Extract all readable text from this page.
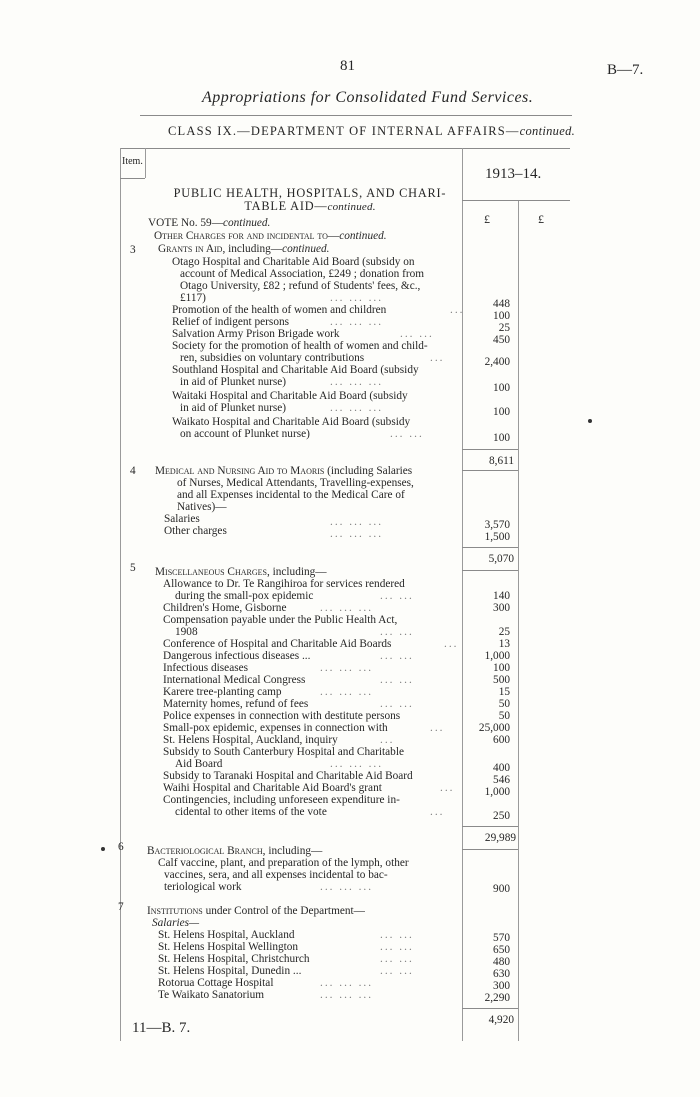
81	B—7.
Appropriations for Consolidated Fund Services.
CLASS IX.—DEPARTMENT OF INTERNAL AFFAIRS—continued.
Item.
1913–14.
£	£
PUBLIC HEALTH, HOSPITALS, AND CHARI-
TABLE AID—continued.
VOTE No. 59—continued.
Other Charges for and incidental to—continued.
3 Grants in Aid, including—continued.
Otago Hospital and Charitable Aid Board (subsidy on
account of Medical Association, £249 ; donation from
Otago University, £82 ; refund of Students' fees, &c.,
£117)	... ... ...	448
Promotion of the health of women and children	...	100
Relief of indigent persons	... ... ...	25
Salvation Army Prison Brigade work	... ...	450
Society for the promotion of health of women and child-
ren, subsidies on voluntary contributions	...	2,400
Southland Hospital and Charitable Aid Board (subsidy
in aid of Plunket nurse)	... ... ...	100
Waitaki Hospital and Charitable Aid Board (subsidy
in aid of Plunket nurse)	... ... ...	100
Waikato Hospital and Charitable Aid Board (subsidy
on account of Plunket nurse)	... ...	100
8,611
4 Medical and Nursing Aid to Maoris (including Salaries
of Nurses, Medical Attendants, Travelling-expenses,
and all Expenses incidental to the Medical Care of
Natives)—
Salaries	... ... ...	3,570
Other charges	... ... ...	1,500
5,070
5 Miscellaneous Charges, including—
Allowance to Dr. Te Rangihiroa for services rendered
during the small-pox epidemic	... ...	140
Children's Home, Gisborne	... ... ...	300
Compensation payable under the Public Health Act,
1908	... ...	25
Conference of Hospital and Charitable Aid Boards	...	13
Dangerous infectious diseases ...	... ...	1,000
Infectious diseases	... ... ...	100
International Medical Congress	... ...	500
Karere tree-planting camp	... ... ...	15
Maternity homes, refund of fees	... ...	50
Police expenses in connection with destitute persons	50
Small-pox epidemic, expenses in connection with	...	25,000
St. Helens Hospital, Auckland, inquiry	...	600
Subsidy to South Canterbury Hospital and Charitable
Aid Board	... ... ...	400
Subsidy to Taranaki Hospital and Charitable Aid Board	546
Waihi Hospital and Charitable Aid Board's grant	...	1,000
Contingencies, including unforeseen expenditure in-
cidental to other items of the vote	...	250
29,989
6 Bacteriological Branch, including—
Calf vaccine, plant, and preparation of the lymph, other
vaccines, sera, and all expenses incidental to bac-
teriological work	... ... ...	900
7 Institutions under Control of the Department—
Salaries—
St. Helens Hospital, Auckland	... ...	570
St. Helens Hospital Wellington	... ...	650
St. Helens Hospital, Christchurch	... ...	480
St. Helens Hospital, Dunedin ...	... ...	630
Rotorua Cottage Hospital	... ... ...	300
Te Waikato Sanatorium	... ... ...	2,290
4,920
11—B. 7.
